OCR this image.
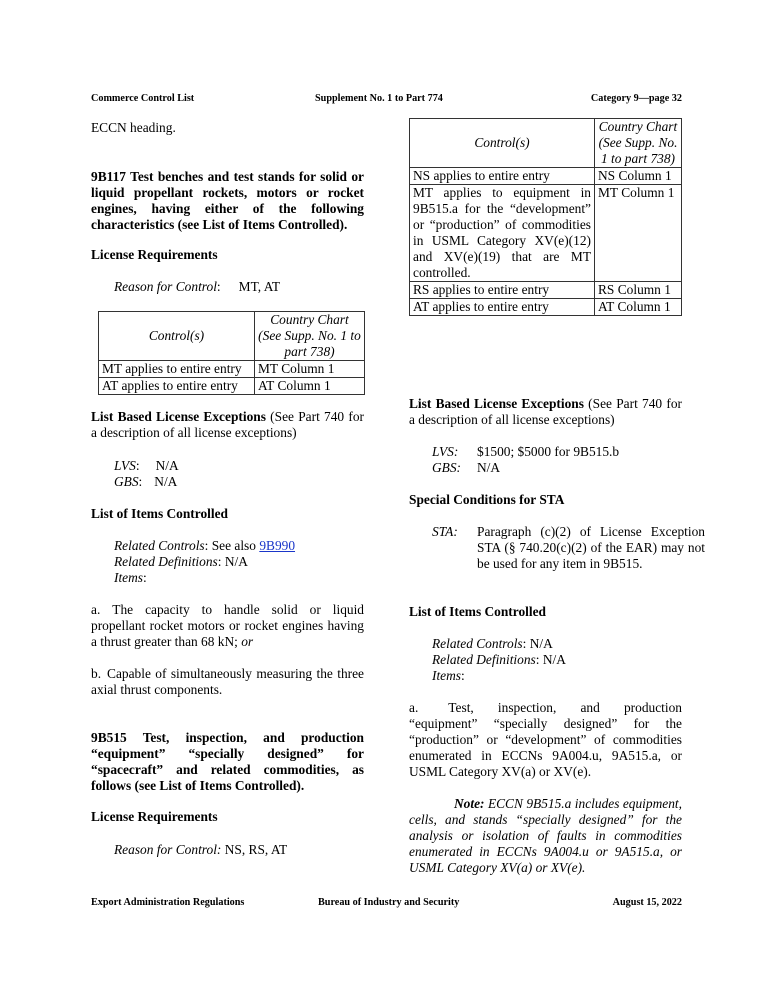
Commerce Control List	Supplement No. 1 to Part 774	Category 9—page 32

ECCN heading.

9B117 Test benches and test stands for solid or liquid propellant rockets, motors or rocket engines, having either of the following characteristics (see List of Items Controlled).

License Requirements

Reason for Control: MT, AT
Control(s)	Country Chart (See Supp. No. 1 to part 738)
MT applies to entire entry	MT Column 1
AT applies to entire entry	AT Column 1

List Based License Exceptions (See Part 740 for a description of all license exceptions)

LVS: N/A
GBS: N/A

List of Items Controlled

Related Controls: See also 9B990
Related Definitions: N/A
Items:

a. The capacity to handle solid or liquid propellant rocket motors or rocket engines having a thrust greater than 68 kN; or

b. Capable of simultaneously measuring the three axial thrust components.

9B515 Test, inspection, and production “equipment” “specially designed” for “spacecraft” and related commodities, as follows (see List of Items Controlled).

License Requirements

Reason for Control: NS, RS, AT
Control(s)	Country Chart (See Supp. No. 1 to part 738)
NS applies to entire entry	NS Column 1
MT applies to equipment in 9B515.a for the “development” or “production” of commodities in USML Category XV(e)(12) and XV(e)(19) that are MT controlled.	MT Column 1
RS applies to entire entry	RS Column 1
AT applies to entire entry	AT Column 1

List Based License Exceptions (See Part 740 for a description of all license exceptions)

LVS: $1500; $5000 for 9B515.b
GBS: N/A

Special Conditions for STA

STA:	Paragraph (c)(2) of License Exception STA (§ 740.20(c)(2) of the EAR) may not be used for any item in 9B515.

List of Items Controlled

Related Controls: N/A
Related Definitions: N/A
Items:

a. Test, inspection, and production “equipment” “specially designed” for the “production” or “development” of commodities enumerated in ECCNs 9A004.u, 9A515.a, or USML Category XV(a) or XV(e).

Note: ECCN 9B515.a includes equipment, cells, and stands “specially designed” for the analysis or isolation of faults in commodities enumerated in ECCNs 9A004.u or 9A515.a, or USML Category XV(a) or XV(e).

Export Administration Regulations	Bureau of Industry and Security	August 15, 2022
